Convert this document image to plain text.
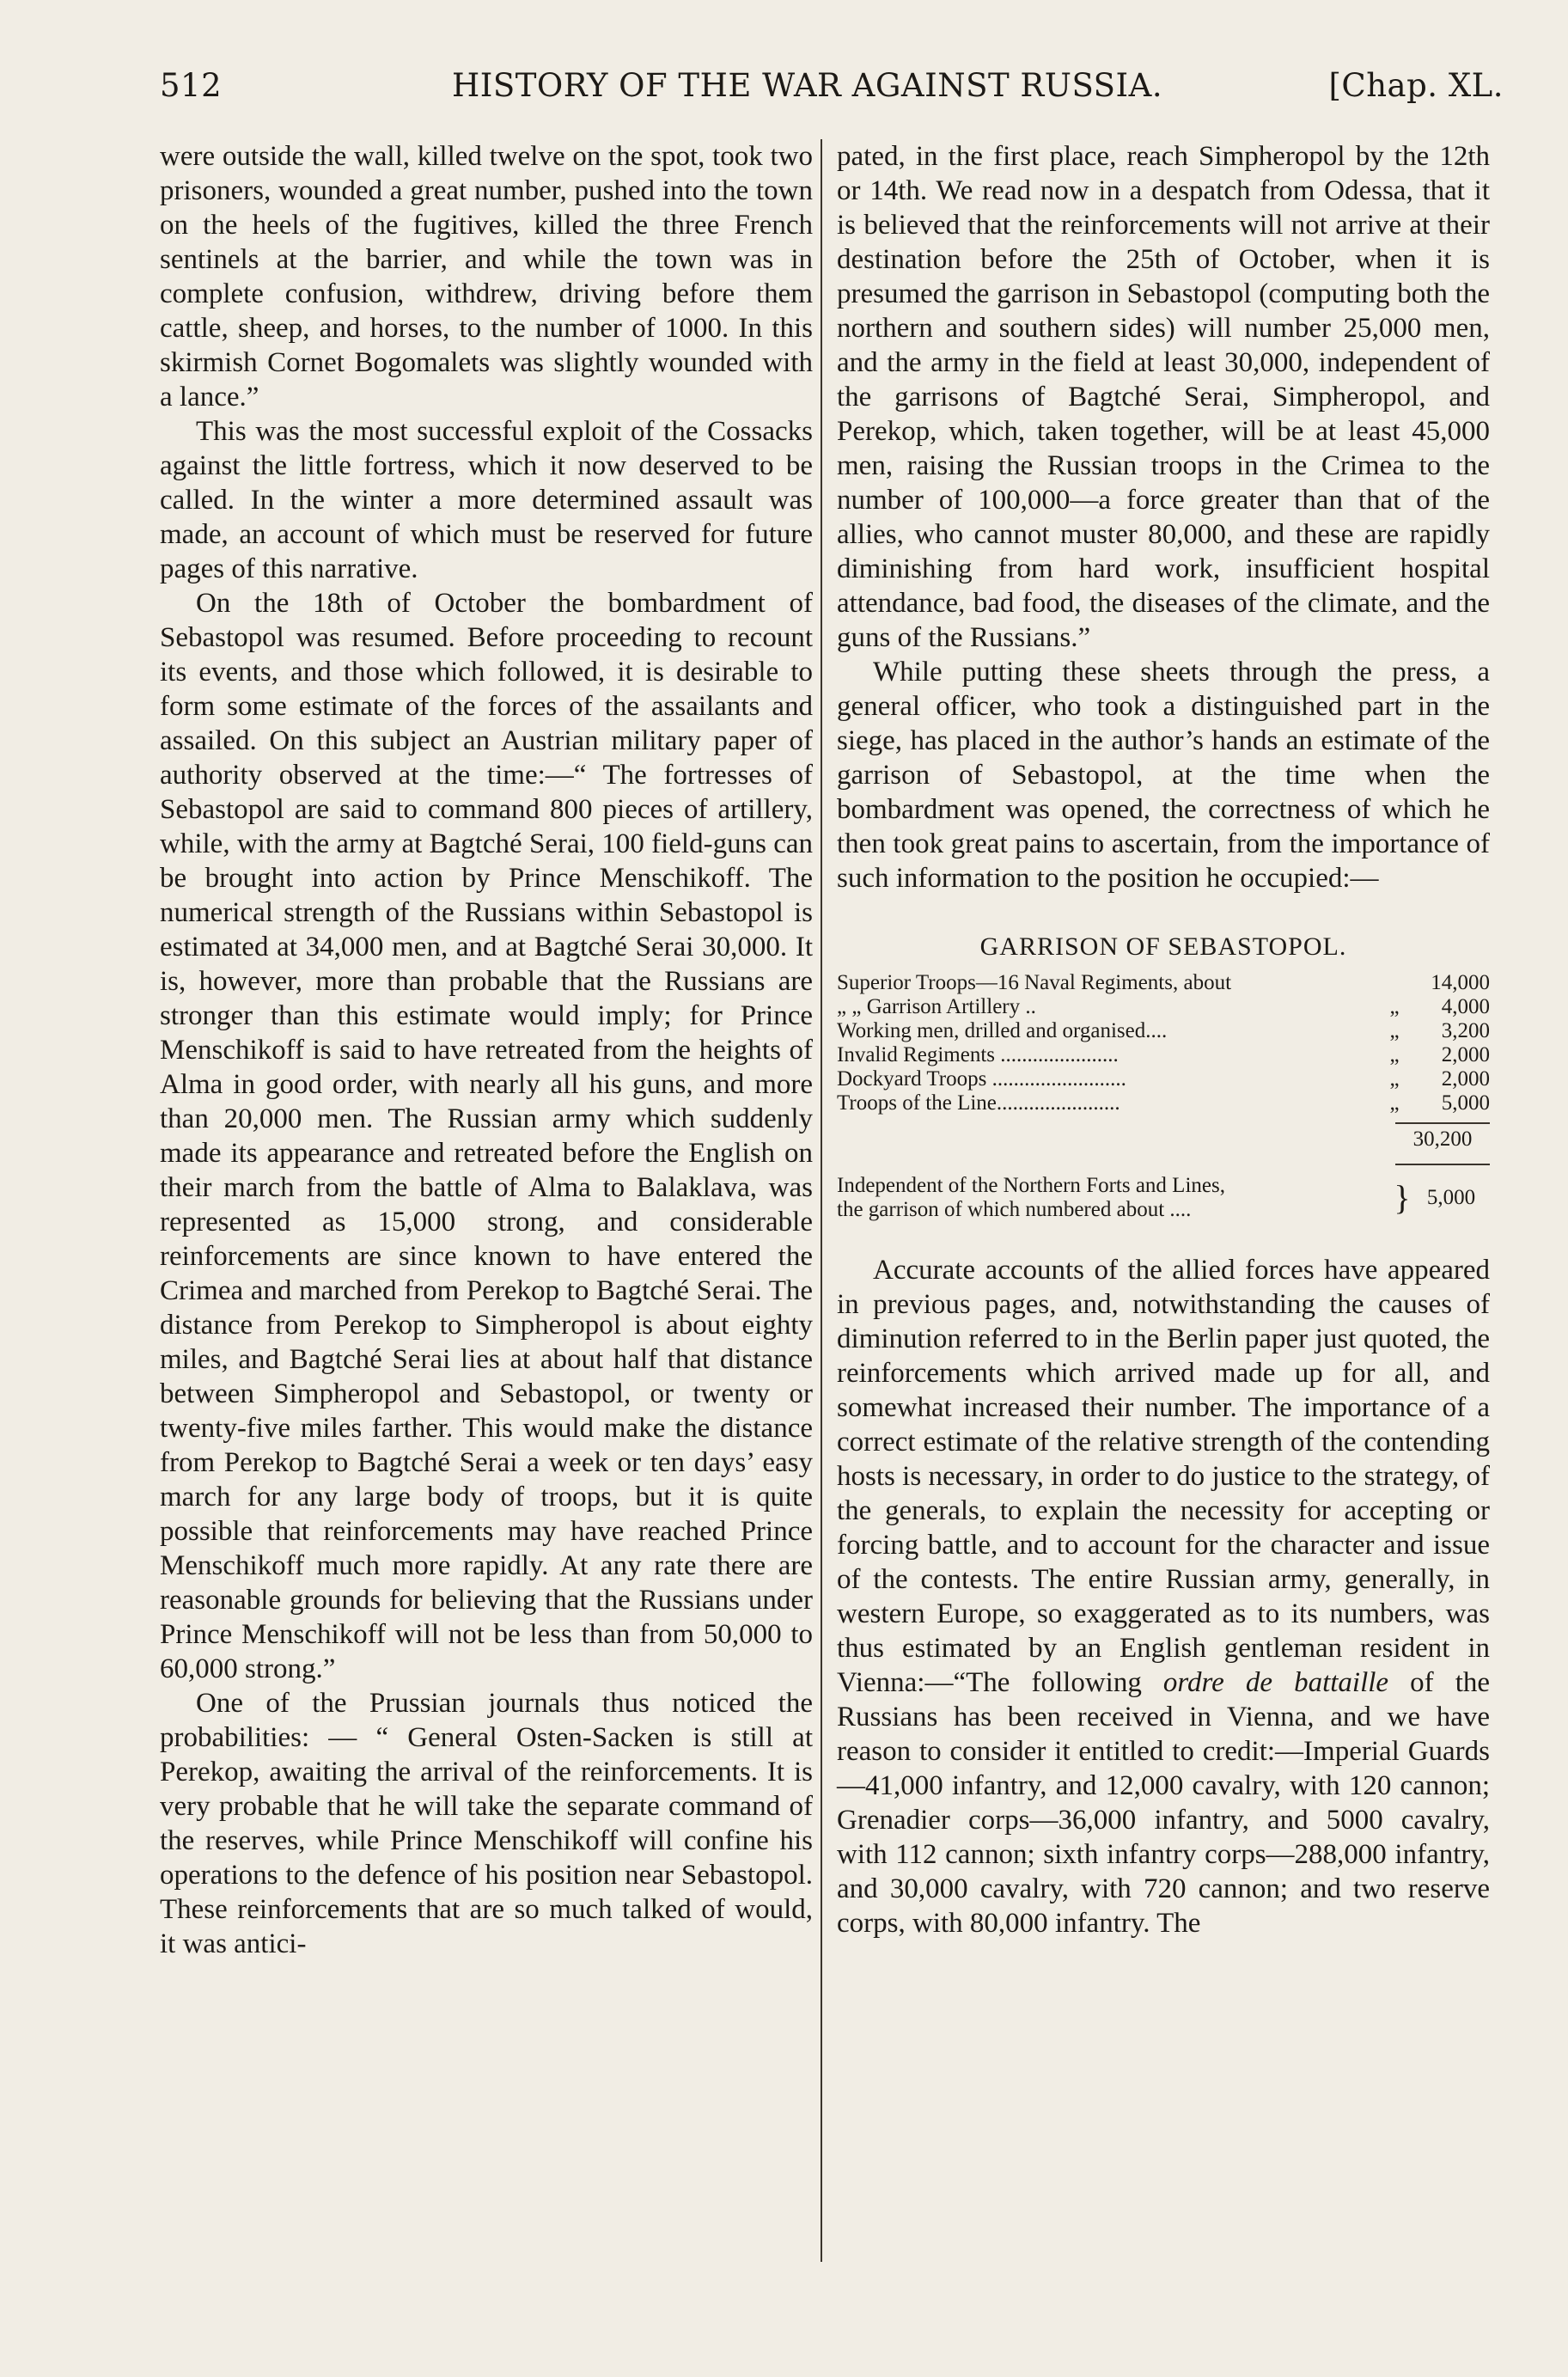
512	HISTORY OF THE WAR AGAINST RUSSIA.	[Chap. XL.

were outside the wall, killed twelve on the spot, took two prisoners, wounded a great number, pushed into the town on the heels of the fugitives, killed the three French sentinels at the barrier, and while the town was in complete confusion, withdrew, driving before them cattle, sheep, and horses, to the number of 1000. In this skirmish Cornet Bogomalets was slightly wounded with a lance.”

This was the most successful exploit of the Cossacks against the little fortress, which it now deserved to be called. In the winter a more determined assault was made, an account of which must be reserved for future pages of this narrative.

On the 18th of October the bombardment of Sebastopol was resumed. Before proceeding to recount its events, and those which followed, it is desirable to form some estimate of the forces of the assailants and assailed. On this subject an Austrian military paper of authority observed at the time:—“ The fortresses of Sebastopol are said to command 800 pieces of artillery, while, with the army at Bagtché Serai, 100 field-guns can be brought into action by Prince Menschikoff. The numerical strength of the Russians within Sebastopol is estimated at 34,000 men, and at Bagtché Serai 30,000. It is, however, more than probable that the Russians are stronger than this estimate would imply; for Prince Menschikoff is said to have retreated from the heights of Alma in good order, with nearly all his guns, and more than 20,000 men. The Russian army which suddenly made its appearance and retreated before the English on their march from the battle of Alma to Balaklava, was represented as 15,000 strong, and considerable reinforcements are since known to have entered the Crimea and marched from Perekop to Bagtché Serai. The distance from Perekop to Simpheropol is about eighty miles, and Bagtché Serai lies at about half that distance between Simpheropol and Sebastopol, or twenty or twenty-five miles farther. This would make the distance from Perekop to Bagtché Serai a week or ten days’ easy march for any large body of troops, but it is quite possible that reinforcements may have reached Prince Menschikoff much more rapidly. At any rate there are reasonable grounds for believing that the Russians under Prince Menschikoff will not be less than from 50,000 to 60,000 strong.”

One of the Prussian journals thus noticed the probabilities: — “ General Osten-Sacken is still at Perekop, awaiting the arrival of the reinforcements. It is very probable that he will take the separate command of the reserves, while Prince Menschikoff will confine his operations to the defence of his position near Sebastopol. These reinforcements that are so much talked of would, it was antici-

pated, in the first place, reach Simpheropol by the 12th or 14th. We read now in a despatch from Odessa, that it is believed that the reinforcements will not arrive at their destination before the 25th of October, when it is presumed the garrison in Sebastopol (computing both the northern and southern sides) will number 25,000 men, and the army in the field at least 30,000, independent of the garrisons of Bagtché Serai, Simpheropol, and Perekop, which, taken together, will be at least 45,000 men, raising the Russian troops in the Crimea to the number of 100,000—a force greater than that of the allies, who cannot muster 80,000, and these are rapidly diminishing from hard work, insufficient hospital attendance, bad food, the diseases of the climate, and the guns of the Russians.”

While putting these sheets through the press, a general officer, who took a distinguished part in the siege, has placed in the author’s hands an estimate of the garrison of Sebastopol, at the time when the bombardment was opened, the correctness of which he then took great pains to ascertain, from the importance of such information to the position he occupied:—

GARRISON OF SEBASTOPOL.
Superior Troops—16 Naval Regiments, about	14,000
„ „ Garrison Artillery ..	„	4,000
Working men, drilled and organised....	„	3,200
Invalid Regiments ......................	„	2,000
Dockyard Troops .........................	„	2,000
Troops of the Line.......................	„	5,000
30,200
Independent of the Northern Forts and Lines,
the garrison of which numbered about ....	} 5,000

Accurate accounts of the allied forces have appeared in previous pages, and, notwithstanding the causes of diminution referred to in the Berlin paper just quoted, the reinforcements which arrived made up for all, and somewhat increased their number. The importance of a correct estimate of the relative strength of the contending hosts is necessary, in order to do justice to the strategy, of the generals, to explain the necessity for accepting or forcing battle, and to account for the character and issue of the contests. The entire Russian army, generally, in western Europe, so exaggerated as to its numbers, was thus estimated by an English gentleman resident in Vienna:—“The following ordre de battaille of the Russians has been received in Vienna, and we have reason to consider it entitled to credit:—Imperial Guards—41,000 infantry, and 12,000 cavalry, with 120 cannon; Grenadier corps—36,000 infantry, and 5000 cavalry, with 112 cannon; sixth infantry corps—288,000 infantry, and 30,000 cavalry, with 720 cannon; and two reserve corps, with 80,000 infantry. The
